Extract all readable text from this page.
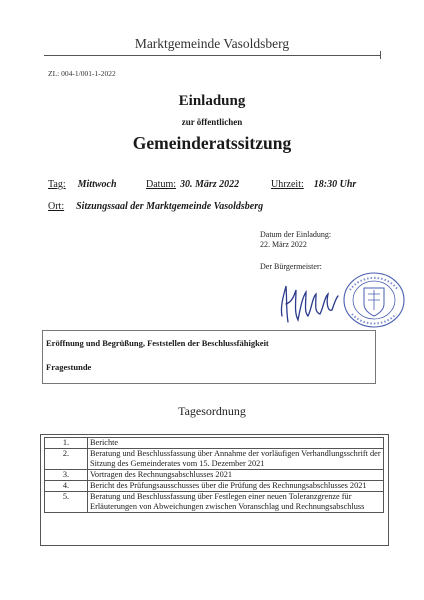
Marktgemeinde Vasoldsberg
ZL: 004-1/001-1-2022
Einladung
zur öffentlichen
Gemeinderatssitzung
Tag: Mittwoch	Datum: 30. März 2022	Uhrzeit: 18:30 Uhr
Ort: Sitzungssaal der Marktgemeinde Vasoldsberg
Datum der Einladung:
22. März 2022
Der Bürgermeister:
Eröffnung und Begrüßung, Feststellen der Beschlussfähigkeit
Fragestunde
Tagesordnung
1.	Berichte
2.	Beratung und Beschlussfassung über Annahme der vorläufigen Verhandlungsschrift der Sitzung des Gemeinderates vom 15. Dezember 2021
3.	Vortragen des Rechnungsabschlusses 2021
4.	Bericht des Prüfungsausschusses über die Prüfung des Rechnungsabschlusses 2021
5.	Beratung und Beschlussfassung über Festlegen einer neuen Toleranzgrenze für Erläuterungen von Abweichungen zwischen Voranschlag und Rechnungsabschluss
